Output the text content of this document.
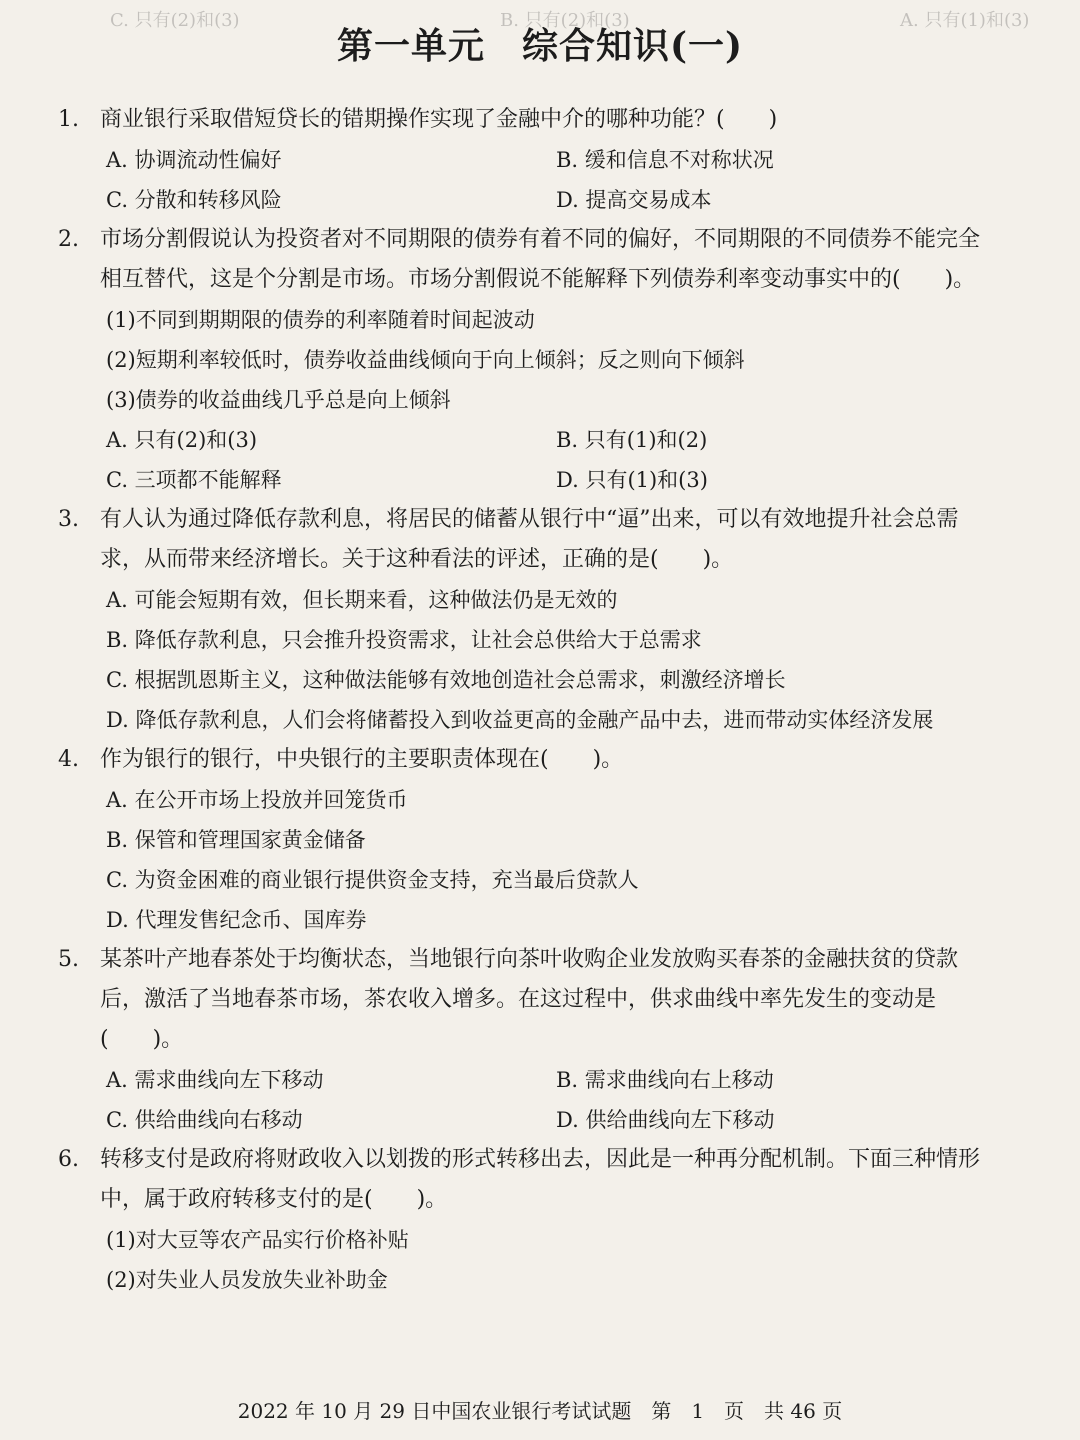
C. 只有(2)和(3)	B. 只有(2)和(3)	A. 只有(1)和(3)
第一单元　综合知识(一)
1. 商业银行采取借短贷长的错期操作实现了金融中介的哪种功能？(　　)
A. 协调流动性偏好	B. 缓和信息不对称状况
C. 分散和转移风险	D. 提高交易成本
2. 市场分割假说认为投资者对不同期限的债券有着不同的偏好，不同期限的不同债券不能完全相互替代，这是个分割是市场。市场分割假说不能解释下列债券利率变动事实中的(　　)。
(1)不同到期期限的债券的利率随着时间起波动
(2)短期利率较低时，债券收益曲线倾向于向上倾斜；反之则向下倾斜
(3)债券的收益曲线几乎总是向上倾斜
A. 只有(2)和(3)	B. 只有(1)和(2)
C. 三项都不能解释	D. 只有(1)和(3)
3. 有人认为通过降低存款利息，将居民的储蓄从银行中“逼”出来，可以有效地提升社会总需求，从而带来经济增长。关于这种看法的评述，正确的是(　　)。
A. 可能会短期有效，但长期来看，这种做法仍是无效的
B. 降低存款利息，只会推升投资需求，让社会总供给大于总需求
C. 根据凯恩斯主义，这种做法能够有效地创造社会总需求，刺激经济增长
D. 降低存款利息，人们会将储蓄投入到收益更高的金融产品中去，进而带动实体经济发展
4. 作为银行的银行，中央银行的主要职责体现在(　　)。
A. 在公开市场上投放并回笼货币
B. 保管和管理国家黄金储备
C. 为资金困难的商业银行提供资金支持，充当最后贷款人
D. 代理发售纪念币、国库券
5. 某茶叶产地春茶处于均衡状态，当地银行向茶叶收购企业发放购买春茶的金融扶贫的贷款后，激活了当地春茶市场，茶农收入增多。在这过程中，供求曲线中率先发生的变动是(　　)。
A. 需求曲线向左下移动	B. 需求曲线向右上移动
C. 供给曲线向右移动	D. 供给曲线向左下移动
6. 转移支付是政府将财政收入以划拨的形式转移出去，因此是一种再分配机制。下面三种情形中，属于政府转移支付的是(　　)。
(1)对大豆等农产品实行价格补贴
(2)对失业人员发放失业补助金
2022 年 10 月 29 日中国农业银行考试试题　第　1　页　共 46 页
